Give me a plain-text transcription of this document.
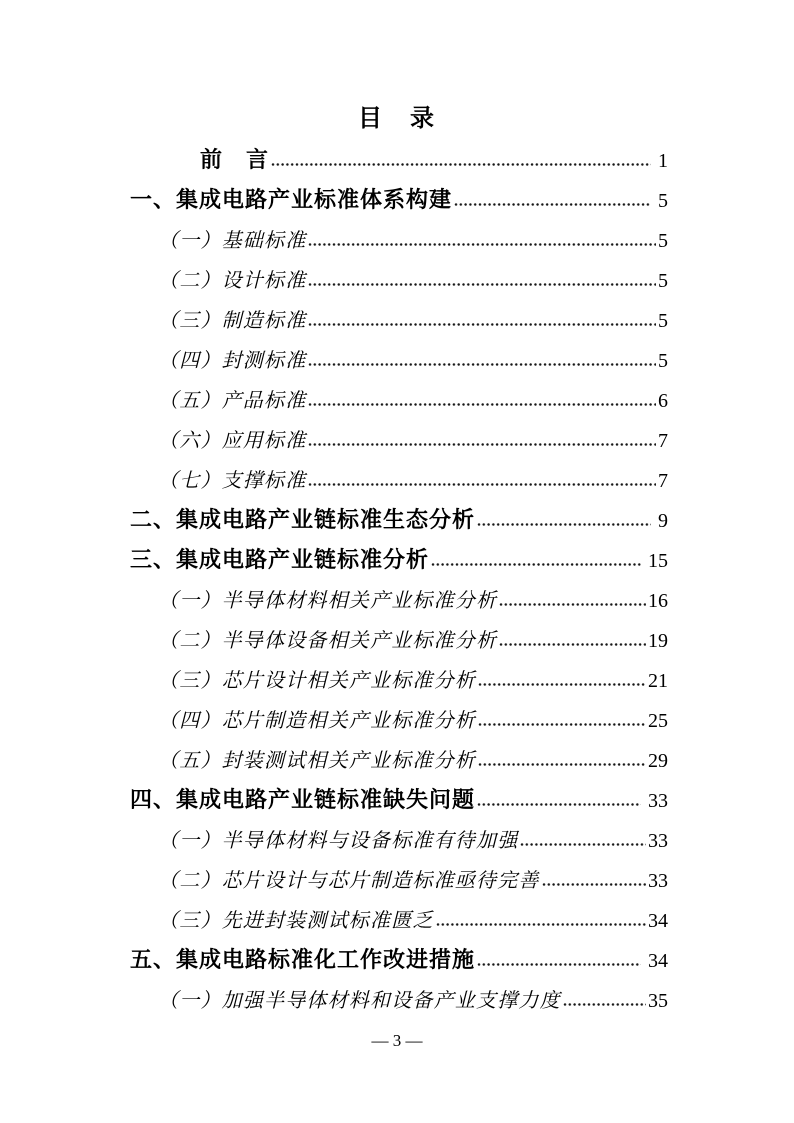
目　录
前　言	1
一、集成电路产业标准体系构建	5
（一）基础标准	5
（二）设计标准	5
（三）制造标准	5
（四）封测标准	5
（五）产品标准	6
（六）应用标准	7
（七）支撑标准	7
二、集成电路产业链标准生态分析	9
三、集成电路产业链标准分析	15
（一）半导体材料相关产业标准分析	16
（二）半导体设备相关产业标准分析	19
（三）芯片设计相关产业标准分析	21
（四）芯片制造相关产业标准分析	25
（五）封装测试相关产业标准分析	29
四、集成电路产业链标准缺失问题	33
（一）半导体材料与设备标准有待加强	33
（二）芯片设计与芯片制造标准亟待完善	33
（三）先进封装测试标准匮乏	34
五、集成电路标准化工作改进措施	34
（一）加强半导体材料和设备产业支撑力度	35
— 3 —
